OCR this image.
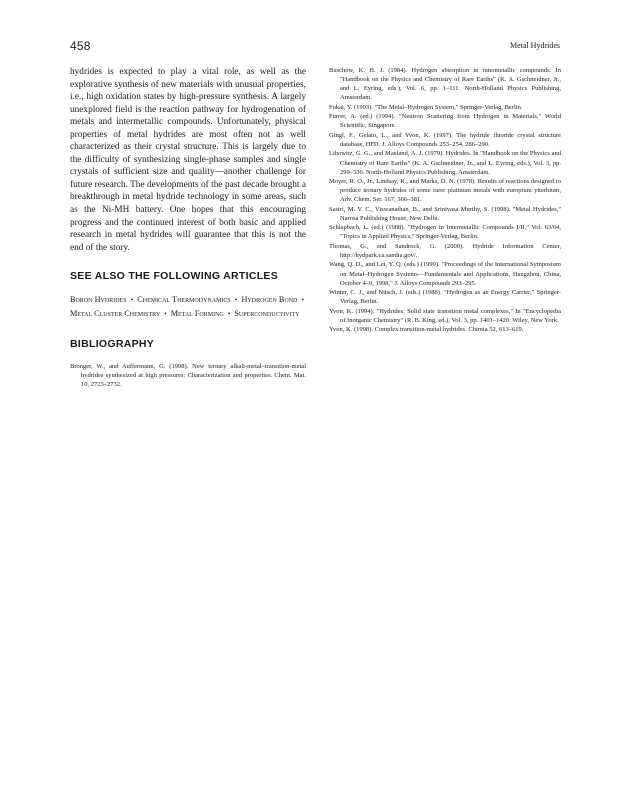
458	Metal Hydrides

hydrides is expected to play a vital role, as well as the explorative synthesis of new materials with unusual properties, i.e., high oxidation states by high-pressure synthesis. A largely unexplored field is the reaction pathway for hydrogenation of metals and intermetallic compounds. Unfortunately, physical properties of metal hydrides are most often not as well characterized as their crystal structure. This is largely due to the difficulty of synthesizing single-phase samples and single crystals of sufficient size and quality—another challenge for future research. The developments of the past decade brought a breakthrough in metal hydride technology in some areas, such as the Ni-MH battery. One hopes that this encouraging progress and the continued interest of both basic and applied research in metal hydrides will guarantee that this is not the end of the story.

SEE ALSO THE FOLLOWING ARTICLES
Boron Hydrides • Chemical Thermodynamics • Hydrogen Bond • Metal Cluster Chemistry • Metal Forming • Superconductivity
BIBLIOGRAPHY

Bronger, W., and Auffermann, G. (1998). New ternary alkali-metal–transition-metal hydrides synthesized at high pressures: Characterization and properties. Chem. Mat. 10, 2723–2732.

Buschow, K. H. J. (1984). Hydrogen absorption in intermetallic compounds. In "Handbook on the Physics and Chemistry of Rare Earths" (K. A. Gschneidner, Jr., and L. Eyring, eds.), Vol. 6, pp. 1–111. North-Holland Physics Publishing, Amsterdam.

Fukai, Y. (1993). "The Metal–Hydrogen System," Springer-Verlag, Berlin.

Furrer, A. (ed.) (1994). "Neutron Scattering from Hydrogen in Materials," World Scientific, Singapore.

Gingl, F., Gelato, L., and Yvon, K. (1997). The hydride fluoride crystal structure database, HFD. J. Alloys Compounds 253–254, 286–290.

Libowitz, G. G., and Maeland, A. J. (1979). Hydrides. In "Handbook on the Physics and Chemistry of Rare Earths" (K. A. Gschneidner, Jr., and L. Eyring, eds.), Vol. 3, pp. 299–336. North-Holland Physics Publishing, Amsterdam.

Moyer, R. O., Jr., Lindsay, R., and Marks, D. N. (1978). Results of reactions designed to produce ternary hydrides of some rarer platinum metals with europium ytterbium, Adv. Chem. Ser. 167, 366–381.

Sastri, M. V. C., Viswanathan, B., and Srinivasa Murthy, S. (1998). "Metal Hydrides," Narosa Publishing House, New Delhi.

Schlapbach, L. (ed.) (1988). "Hydrogen in Intermetallic Compounds I/II," Vol. 63/64, "Topics in Applied Physics," Springer-Verlag, Berlin.

Thomas, G., and Sandrock, G. (2000). Hydride Information Center, http://hydpark.ca.sandia.gov/.

Wang, Q. D., and Lei, Y. Q. (eds.) (1999). "Proceedings of the International Symposium on Metal–Hydrogen Systems—Fundamentals and Applications, Hangzhou, China, October 4–9, 1998," J. Alloys Compounds 293–295.

Winter, C. J., and Nitsch, J. (eds.) (1988). "Hydrogen as an Energy Carrier," Springer-Verlag, Berlin.

Yvon, K. (1994). "Hydrides: Solid state transition metal complexes," In "Encyclopedia of Inorganic Chemistry" (R. B. King, ed.), Vol. 3, pp. 1401–1420. Wiley, New York.

Yvon, K. (1998). Complex transition-metal hydrides. Chimia 52, 613–619.
